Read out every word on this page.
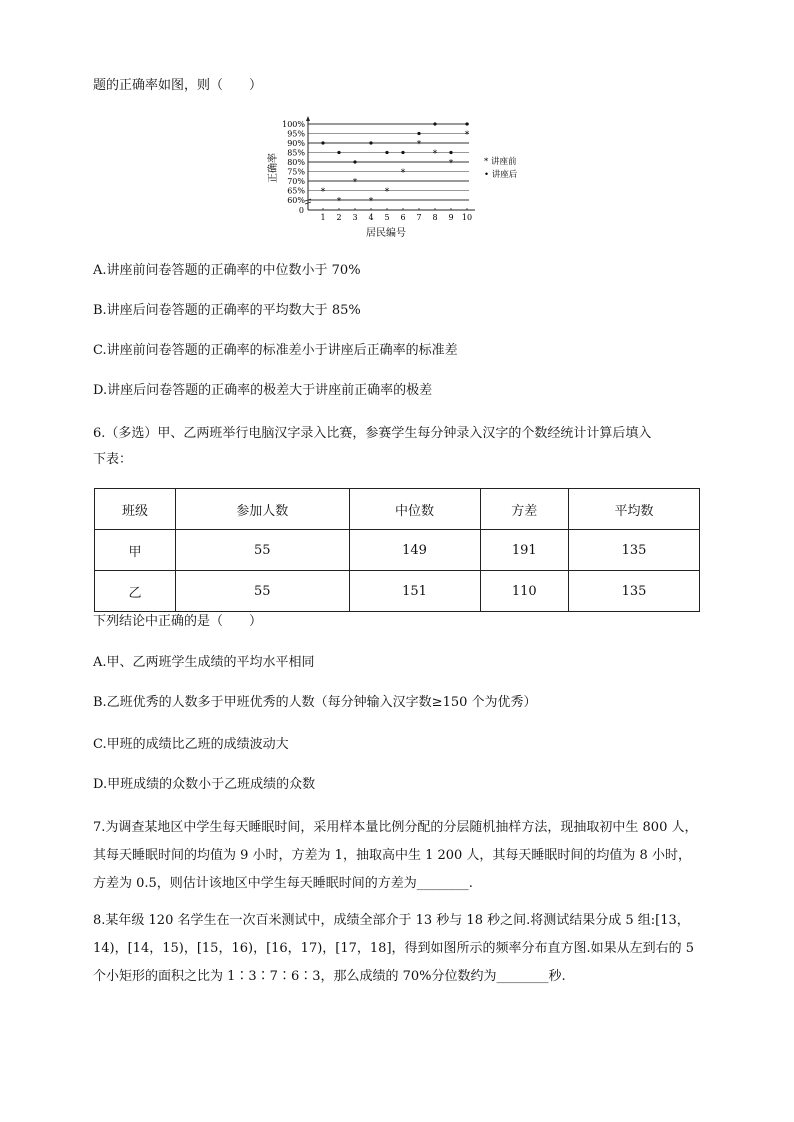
题的正确率如图，则（　　）
0
60%
65%
70%
75%
80%
85%
90%
95%
100%
1 2 3 4 5 6 7 8 9 10
*
*
*
*
*
*
*
*
*
*
* 讲座前
• 讲座后
正确率
居民编号
A.讲座前问卷答题的正确率的中位数小于 70%
B.讲座后问卷答题的正确率的平均数大于 85%
C.讲座前问卷答题的正确率的标准差小于讲座后正确率的标准差
D.讲座后问卷答题的正确率的极差大于讲座前正确率的极差
6.（多选）甲、乙两班举行电脑汉字录入比赛，参赛学生每分钟录入汉字的个数经统计计算后填入
下表：
班级	参加人数	中位数	方差	平均数
甲	55	149	191	135
乙	55	151	110	135
下列结论中正确的是（　　）
A.甲、乙两班学生成绩的平均水平相同
B.乙班优秀的人数多于甲班优秀的人数（每分钟输入汉字数≥150 个为优秀）
C.甲班的成绩比乙班的成绩波动大
D.甲班成绩的众数小于乙班成绩的众数
7.为调查某地区中学生每天睡眠时间，采用样本量比例分配的分层随机抽样方法，现抽取初中生 800 人，其每天睡眠时间的均值为 9 小时，方差为 1，抽取高中生 1 200 人，其每天睡眠时间的均值为 8 小时，方差为 0.5，则估计该地区中学生每天睡眠时间的方差为________.
8.某年级 120 名学生在一次百米测试中，成绩全部介于 13 秒与 18 秒之间.将测试结果分成 5 组:[13，14)，[14，15)，[15，16)，[16，17)，[17，18]，得到如图所示的频率分布直方图.如果从左到右的 5 个小矩形的面积之比为 1∶3∶7∶6∶3，那么成绩的 70%分位数约为________秒.
